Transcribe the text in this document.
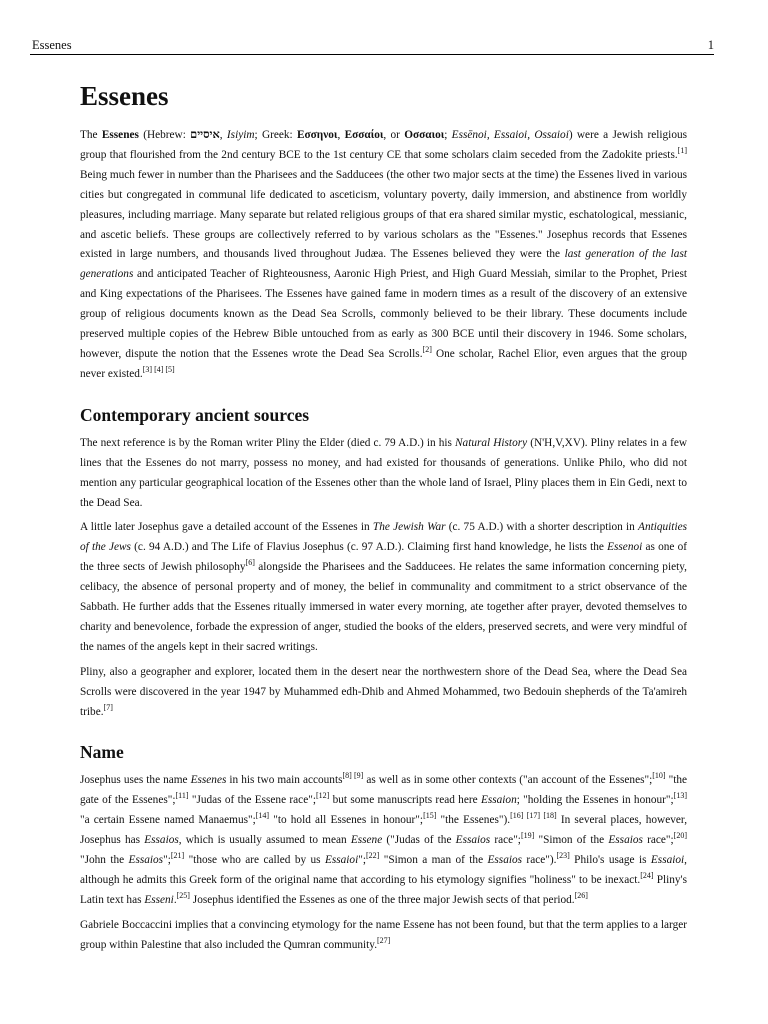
Essenes	1
Essenes

The Essenes (Hebrew: איסיים, Isiyim; Greek: Εσσηνοι, Εσσαίοι, or Οσσαιοι; Essēnoi, Essaioi, Ossaioi) were a Jewish religious group that flourished from the 2nd century BCE to the 1st century CE that some scholars claim seceded from the Zadokite priests.[1] Being much fewer in number than the Pharisees and the Sadducees (the other two major sects at the time) the Essenes lived in various cities but congregated in communal life dedicated to asceticism, voluntary poverty, daily immersion, and abstinence from worldly pleasures, including marriage. Many separate but related religious groups of that era shared similar mystic, eschatological, messianic, and ascetic beliefs. These groups are collectively referred to by various scholars as the "Essenes." Josephus records that Essenes existed in large numbers, and thousands lived throughout Judæa. The Essenes believed they were the last generation of the last generations and anticipated Teacher of Righteousness, Aaronic High Priest, and High Guard Messiah, similar to the Prophet, Priest and King expectations of the Pharisees. The Essenes have gained fame in modern times as a result of the discovery of an extensive group of religious documents known as the Dead Sea Scrolls, commonly believed to be their library. These documents include preserved multiple copies of the Hebrew Bible untouched from as early as 300 BCE until their discovery in 1946. Some scholars, however, dispute the notion that the Essenes wrote the Dead Sea Scrolls.[2] One scholar, Rachel Elior, even argues that the group never existed.[3] [4] [5]

Contemporary ancient sources

The next reference is by the Roman writer Pliny the Elder (died c. 79 A.D.) in his Natural History (N'H,V,XV). Pliny relates in a few lines that the Essenes do not marry, possess no money, and had existed for thousands of generations. Unlike Philo, who did not mention any particular geographical location of the Essenes other than the whole land of Israel, Pliny places them in Ein Gedi, next to the Dead Sea.

A little later Josephus gave a detailed account of the Essenes in The Jewish War (c. 75 A.D.) with a shorter description in Antiquities of the Jews (c. 94 A.D.) and The Life of Flavius Josephus (c. 97 A.D.). Claiming first hand knowledge, he lists the Essenoi as one of the three sects of Jewish philosophy[6] alongside the Pharisees and the Sadducees. He relates the same information concerning piety, celibacy, the absence of personal property and of money, the belief in communality and commitment to a strict observance of the Sabbath. He further adds that the Essenes ritually immersed in water every morning, ate together after prayer, devoted themselves to charity and benevolence, forbade the expression of anger, studied the books of the elders, preserved secrets, and were very mindful of the names of the angels kept in their sacred writings.

Pliny, also a geographer and explorer, located them in the desert near the northwestern shore of the Dead Sea, where the Dead Sea Scrolls were discovered in the year 1947 by Muhammed edh-Dhib and Ahmed Mohammed, two Bedouin shepherds of the Ta'amireh tribe.[7]

Name

Josephus uses the name Essenes in his two main accounts[8] [9] as well as in some other contexts ("an account of the Essenes";[10] "the gate of the Essenes";[11] "Judas of the Essene race";[12] but some manuscripts read here Essaion; "holding the Essenes in honour";[13] "a certain Essene named Manaemus";[14] "to hold all Essenes in honour";[15] "the Essenes").[16] [17] [18] In several places, however, Josephus has Essaios, which is usually assumed to mean Essene ("Judas of the Essaios race";[19] "Simon of the Essaios race";[20] "John the Essaios";[21] "those who are called by us Essaioi";[22] "Simon a man of the Essaios race").[23] Philo's usage is Essaioi, although he admits this Greek form of the original name that according to his etymology signifies "holiness" to be inexact.[24] Pliny's Latin text has Esseni.[25] Josephus identified the Essenes as one of the three major Jewish sects of that period.[26]

Gabriele Boccaccini implies that a convincing etymology for the name Essene has not been found, but that the term applies to a larger group within Palestine that also included the Qumran community.[27]
